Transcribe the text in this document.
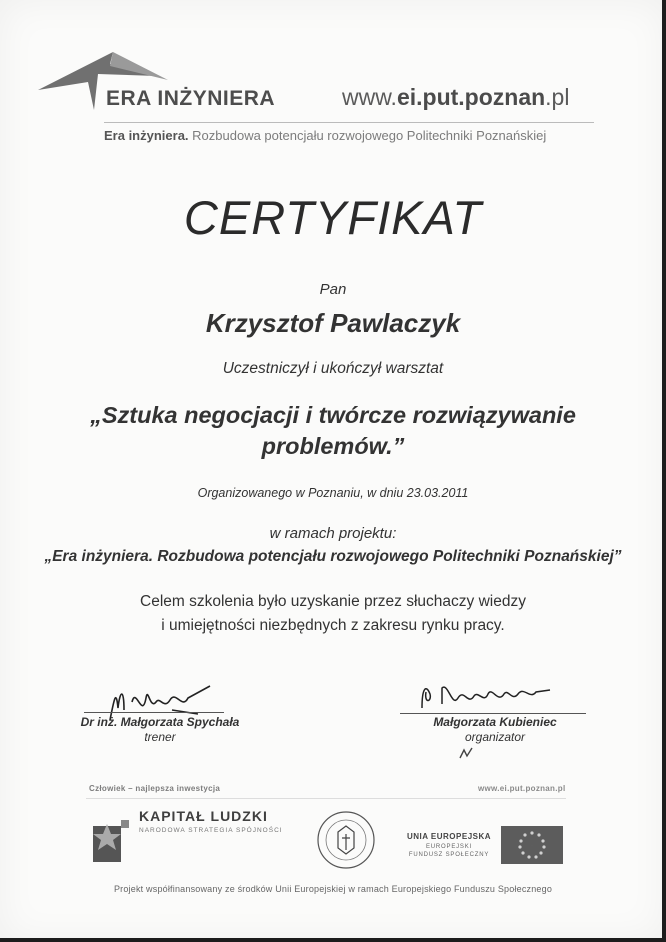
ERA INŻYNIERA	www.ei.put.poznan.pl
Era inżyniera. Rozbudowa potencjału rozwojowego Politechniki Poznańskiej
CERTYFIKAT
Pan
Krzysztof Pawlaczyk
Uczestniczył i ukończył warsztat
„Sztuka negocjacji i twórcze rozwiązywanie problemów.”
Organizowanego w Poznaniu, w dniu 23.03.2011
w ramach projektu:
„Era inżyniera. Rozbudowa potencjału rozwojowego Politechniki Poznańskiej”
Celem szkolenia było uzyskanie przez słuchaczy wiedzy
i umiejętności niezbędnych z zakresu rynku pracy.
Dr inż. Małgorzata Spychała
trener
Małgorzata Kubieniec
organizator
Człowiek – najlepsza inwestycja	www.ei.put.poznan.pl
KAPITAŁ LUDZKI
NARODOWA STRATEGIA SPÓJNOŚCI
UNIA EUROPEJSKA
EUROPEJSKI
FUNDUSZ SPOŁECZNY
Projekt współfinansowany ze środków Unii Europejskiej w ramach Europejskiego Funduszu Społecznego
